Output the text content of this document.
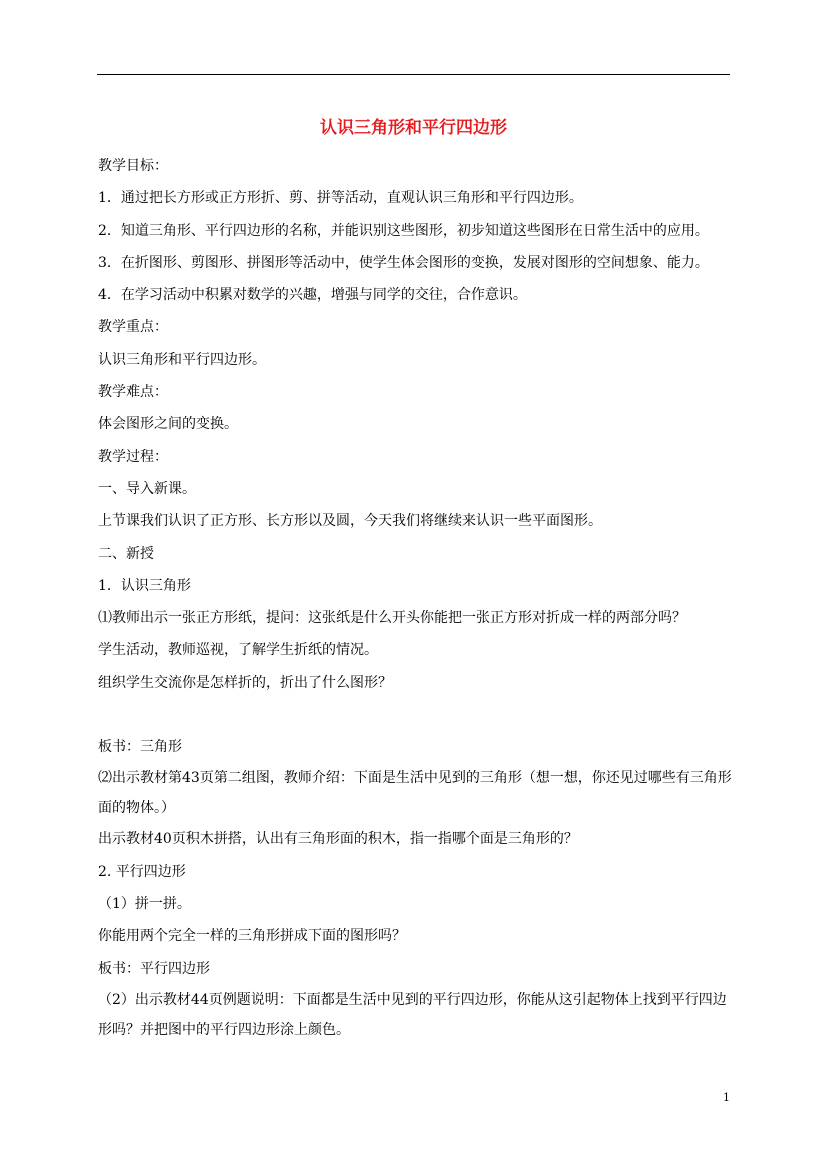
认识三角形和平行四边形

教学目标：

1．通过把长方形或正方形折、剪、拼等活动，直观认识三角形和平行四边形。

2．知道三角形、平行四边形的名称，并能识别这些图形，初步知道这些图形在日常生活中的应用。

3．在折图形、剪图形、拼图形等活动中，使学生体会图形的变换，发展对图形的空间想象、能力。

4．在学习活动中积累对数学的兴趣，增强与同学的交往，合作意识。

教学重点：

认识三角形和平行四边形。

教学难点：

体会图形之间的变换。

教学过程：

一、导入新课。

上节课我们认识了正方形、长方形以及圆，今天我们将继续来认识一些平面图形。

二、新授

1．认识三角形

⑴教师出示一张正方形纸，提问：这张纸是什么开头你能把一张正方形对折成一样的两部分吗？

学生活动，教师巡视，了解学生折纸的情况。

组织学生交流你是怎样折的，折出了什么图形？

板书：三角形

⑵出示教材第43页第二组图，教师介绍：下面是生活中见到的三角形（想一想，你还见过哪些有三角形面的物体。）

出示教材40页积木拼搭，认出有三角形面的积木，指一指哪个面是三角形的？

2. 平行四边形

（1）拼一拼。

你能用两个完全一样的三角形拼成下面的图形吗？

板书：平行四边形

（2）出示教材44页例题说明：下面都是生活中见到的平行四边形，你能从这引起物体上找到平行四边形吗？并把图中的平行四边形涂上颜色。

1
